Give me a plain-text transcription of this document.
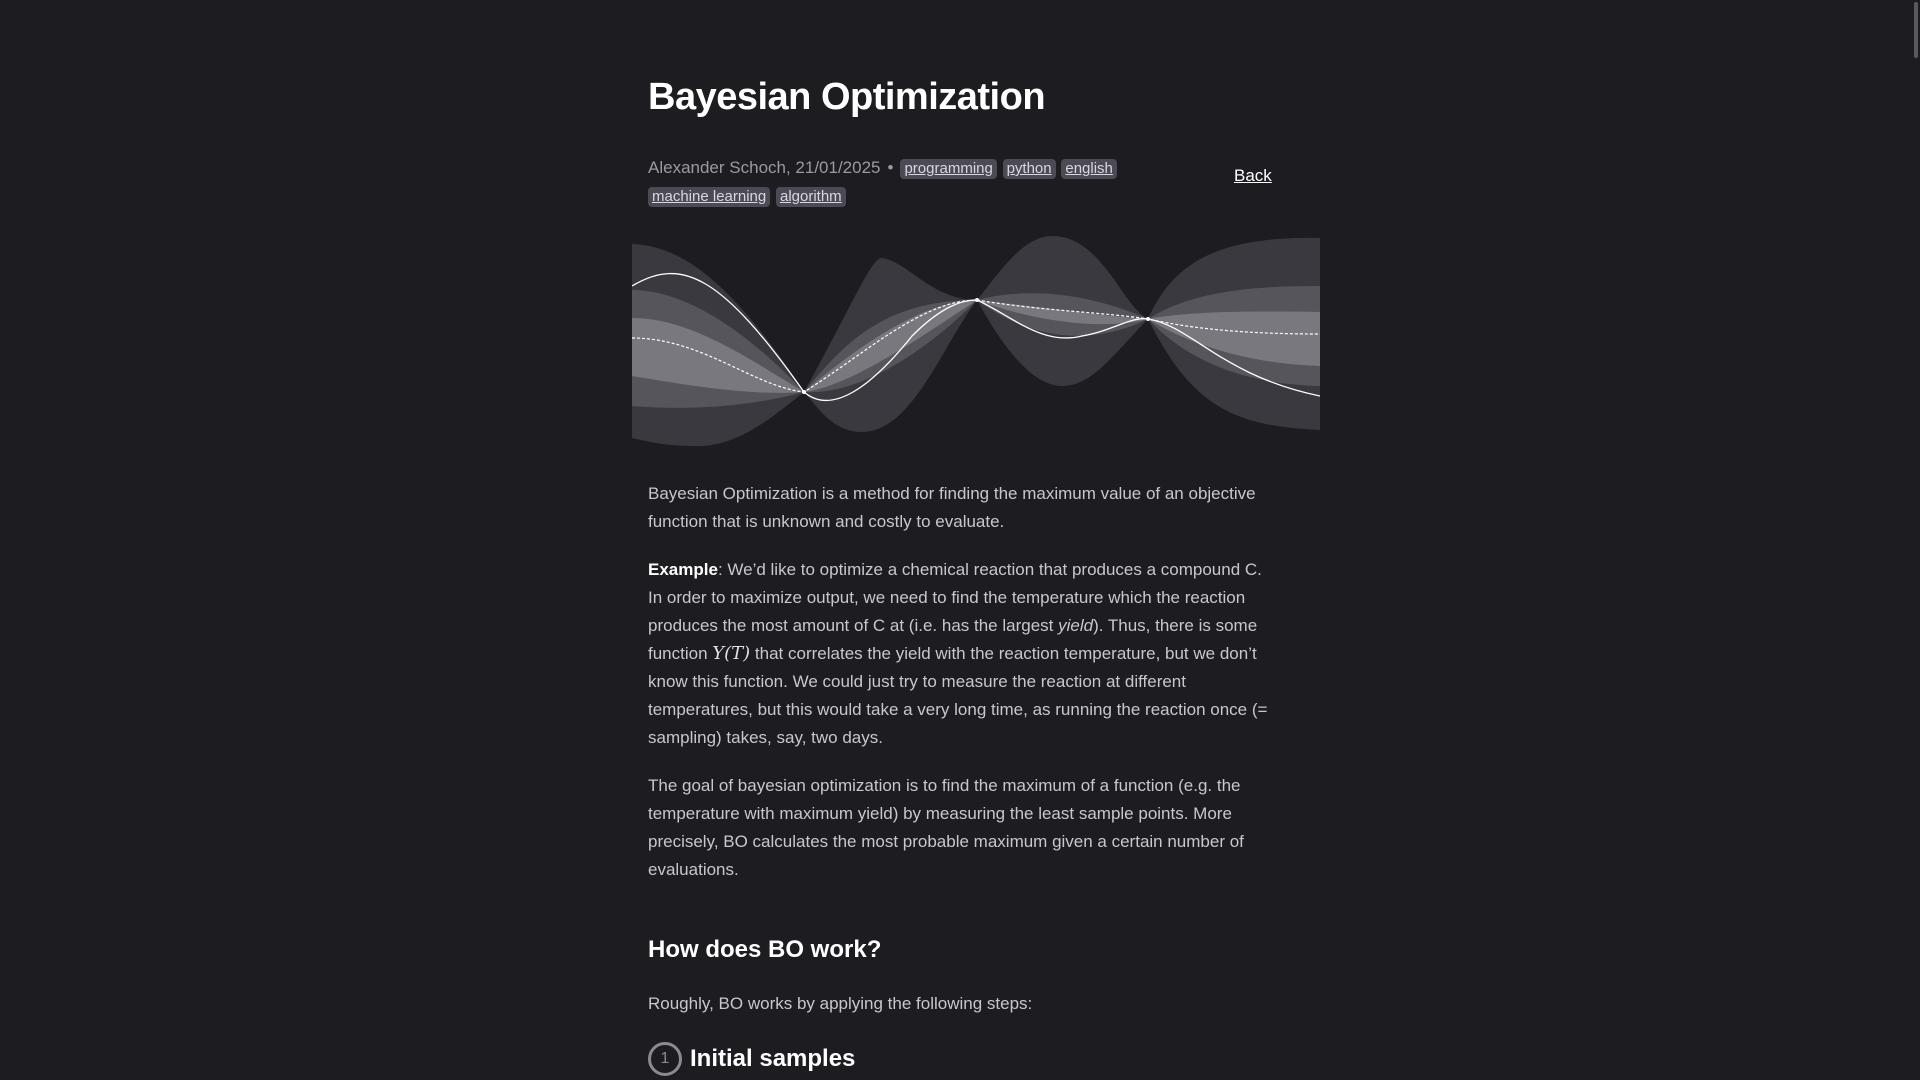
Bayesian Optimization
Alexander Schoch, 21/01/2025 • programming python english
machine learning algorithm
Back

Bayesian Optimization is a method for finding the maximum value of an objective function that is unknown and costly to evaluate.

Example: We’d like to optimize a chemical reaction that produces a compound C. In order to maximize output, we need to find the temperature which the reaction produces the most amount of C at (i.e. has the largest yield). Thus, there is some function Y(T) that correlates the yield with the reaction temperature, but we don’t know this function. We could just try to measure the reaction at different temperatures, but this would take a very long time, as running the reaction once (= sampling) takes, say, two days.

The goal of bayesian optimization is to find the maximum of a function (e.g. the temperature with maximum yield) by measuring the least sample points. More precisely, BO calculates the most probable maximum given a certain number of evaluations.

How does BO work?

Roughly, BO works by applying the following steps:

1 Initial samples
